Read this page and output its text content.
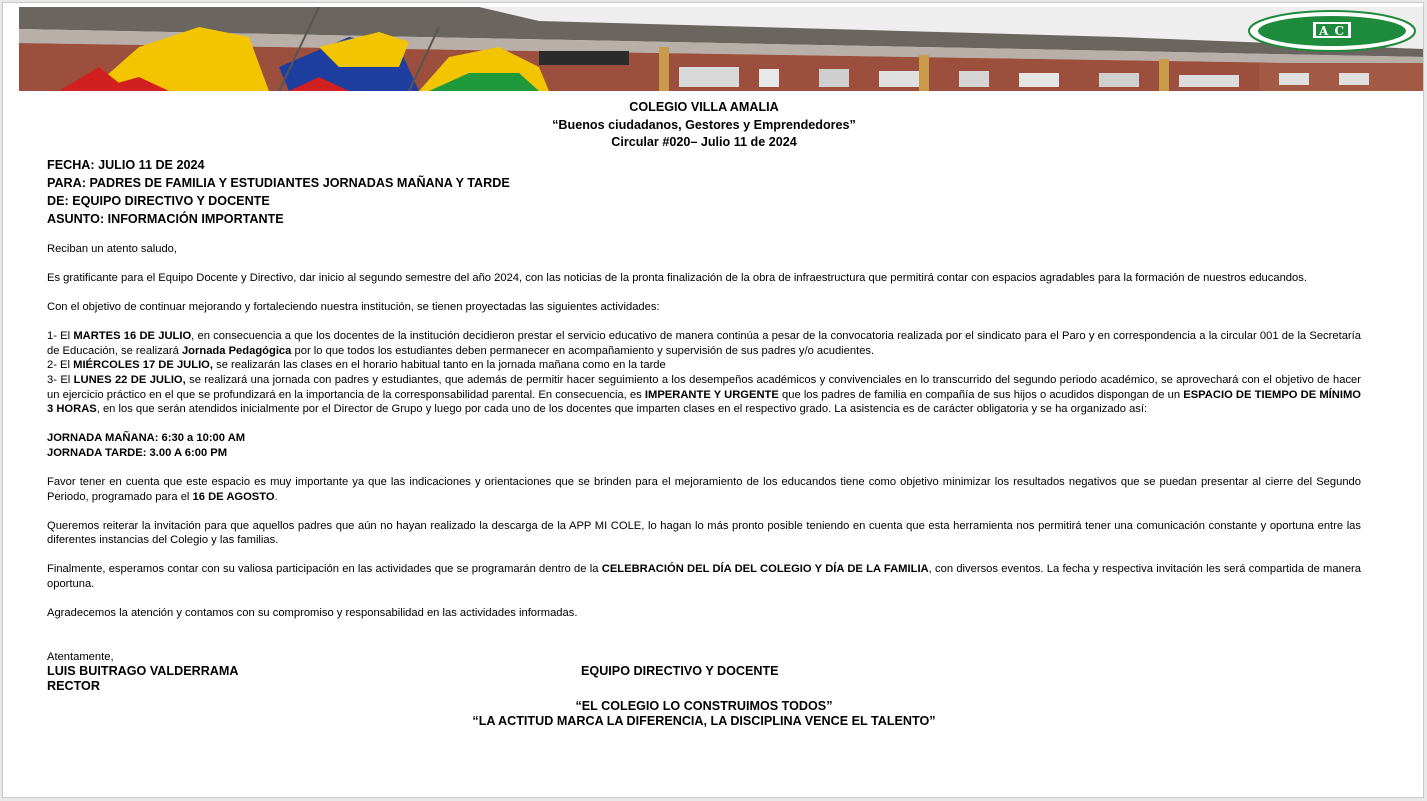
A C
COLEGIO VILLA AMALIA
“Buenos ciudadanos, Gestores y Emprendedores”
Circular #020– Julio 11 de 2024
FECHA: JULIO 11 DE 2024
PARA: PADRES DE FAMILIA Y ESTUDIANTES JORNADAS MAÑANA Y TARDE
DE: EQUIPO DIRECTIVO Y DOCENTE
ASUNTO: INFORMACIÓN IMPORTANTE

Reciban un atento saludo,

Es gratificante para el Equipo Docente y Directivo, dar inicio al segundo semestre del año 2024, con las noticias de la pronta finalización de la obra de infraestructura que permitirá contar con espacios agradables para la formación de nuestros educandos.

Con el objetivo de continuar mejorando y fortaleciendo nuestra institución, se tienen proyectadas las siguientes actividades:

1- El MARTES 16 DE JULIO, en consecuencia a que los docentes de la institución decidieron prestar el servicio educativo de manera continúa a pesar de la convocatoria realizada por el sindicato para el Paro y en correspondencia a la circular 001 de la Secretaría de Educación, se realizará Jornada Pedagógica por lo que todos los estudiantes deben permanecer en acompañamiento y supervisión de sus padres y/o acudientes.

2- El MIÉRCOLES 17 DE JULIO, se realizarán las clases en el horario habitual tanto en la jornada mañana como en la tarde

3- El LUNES 22 DE JULIO, se realizará una jornada con padres y estudiantes, que además de permitir hacer seguimiento a los desempeños académicos y convivenciales en lo transcurrido del segundo periodo académico, se aprovechará con el objetivo de hacer un ejercicio práctico en el que se profundizará en la importancia de la corresponsabilidad parental. En consecuencia, es IMPERANTE Y URGENTE que los padres de familia en compañía de sus hijos o acudidos dispongan de un ESPACIO DE TIEMPO DE MÍNIMO 3 HORAS, en los que serán atendidos inicialmente por el Director de Grupo y luego por cada uno de los docentes que imparten clases en el respectivo grado. La asistencia es de carácter obligatoria y se ha organizado así:

JORNADA MAÑANA: 6:30 a 10:00 AM
JORNADA TARDE: 3.00 A 6:00 PM

Favor tener en cuenta que este espacio es muy importante ya que las indicaciones y orientaciones que se brinden para el mejoramiento de los educandos tiene como objetivo minimizar los resultados negativos que se puedan presentar al cierre del Segundo Periodo, programado para el 16 DE AGOSTO.

Queremos reiterar la invitación para que aquellos padres que aún no hayan realizado la descarga de la APP MI COLE, lo hagan lo más pronto posible teniendo en cuenta que esta herramienta nos permitirá tener una comunicación constante y oportuna entre las diferentes instancias del Colegio y las familias.

Finalmente, esperamos contar con su valiosa participación en las actividades que se programarán dentro de la CELEBRACIÓN DEL DÍA DEL COLEGIO Y DÍA DE LA FAMILIA, con diversos eventos. La fecha y respectiva invitación les será compartida de manera oportuna.

Agradecemos la atención y contamos con su compromiso y responsabilidad en las actividades informadas.

Atentamente,
LUIS BUITRAGO VALDERRAMA	EQUIPO DIRECTIVO Y DOCENTE
RECTOR
“EL COLEGIO LO CONSTRUIMOS TODOS”
“LA ACTITUD MARCA LA DIFERENCIA, LA DISCIPLINA VENCE EL TALENTO”
